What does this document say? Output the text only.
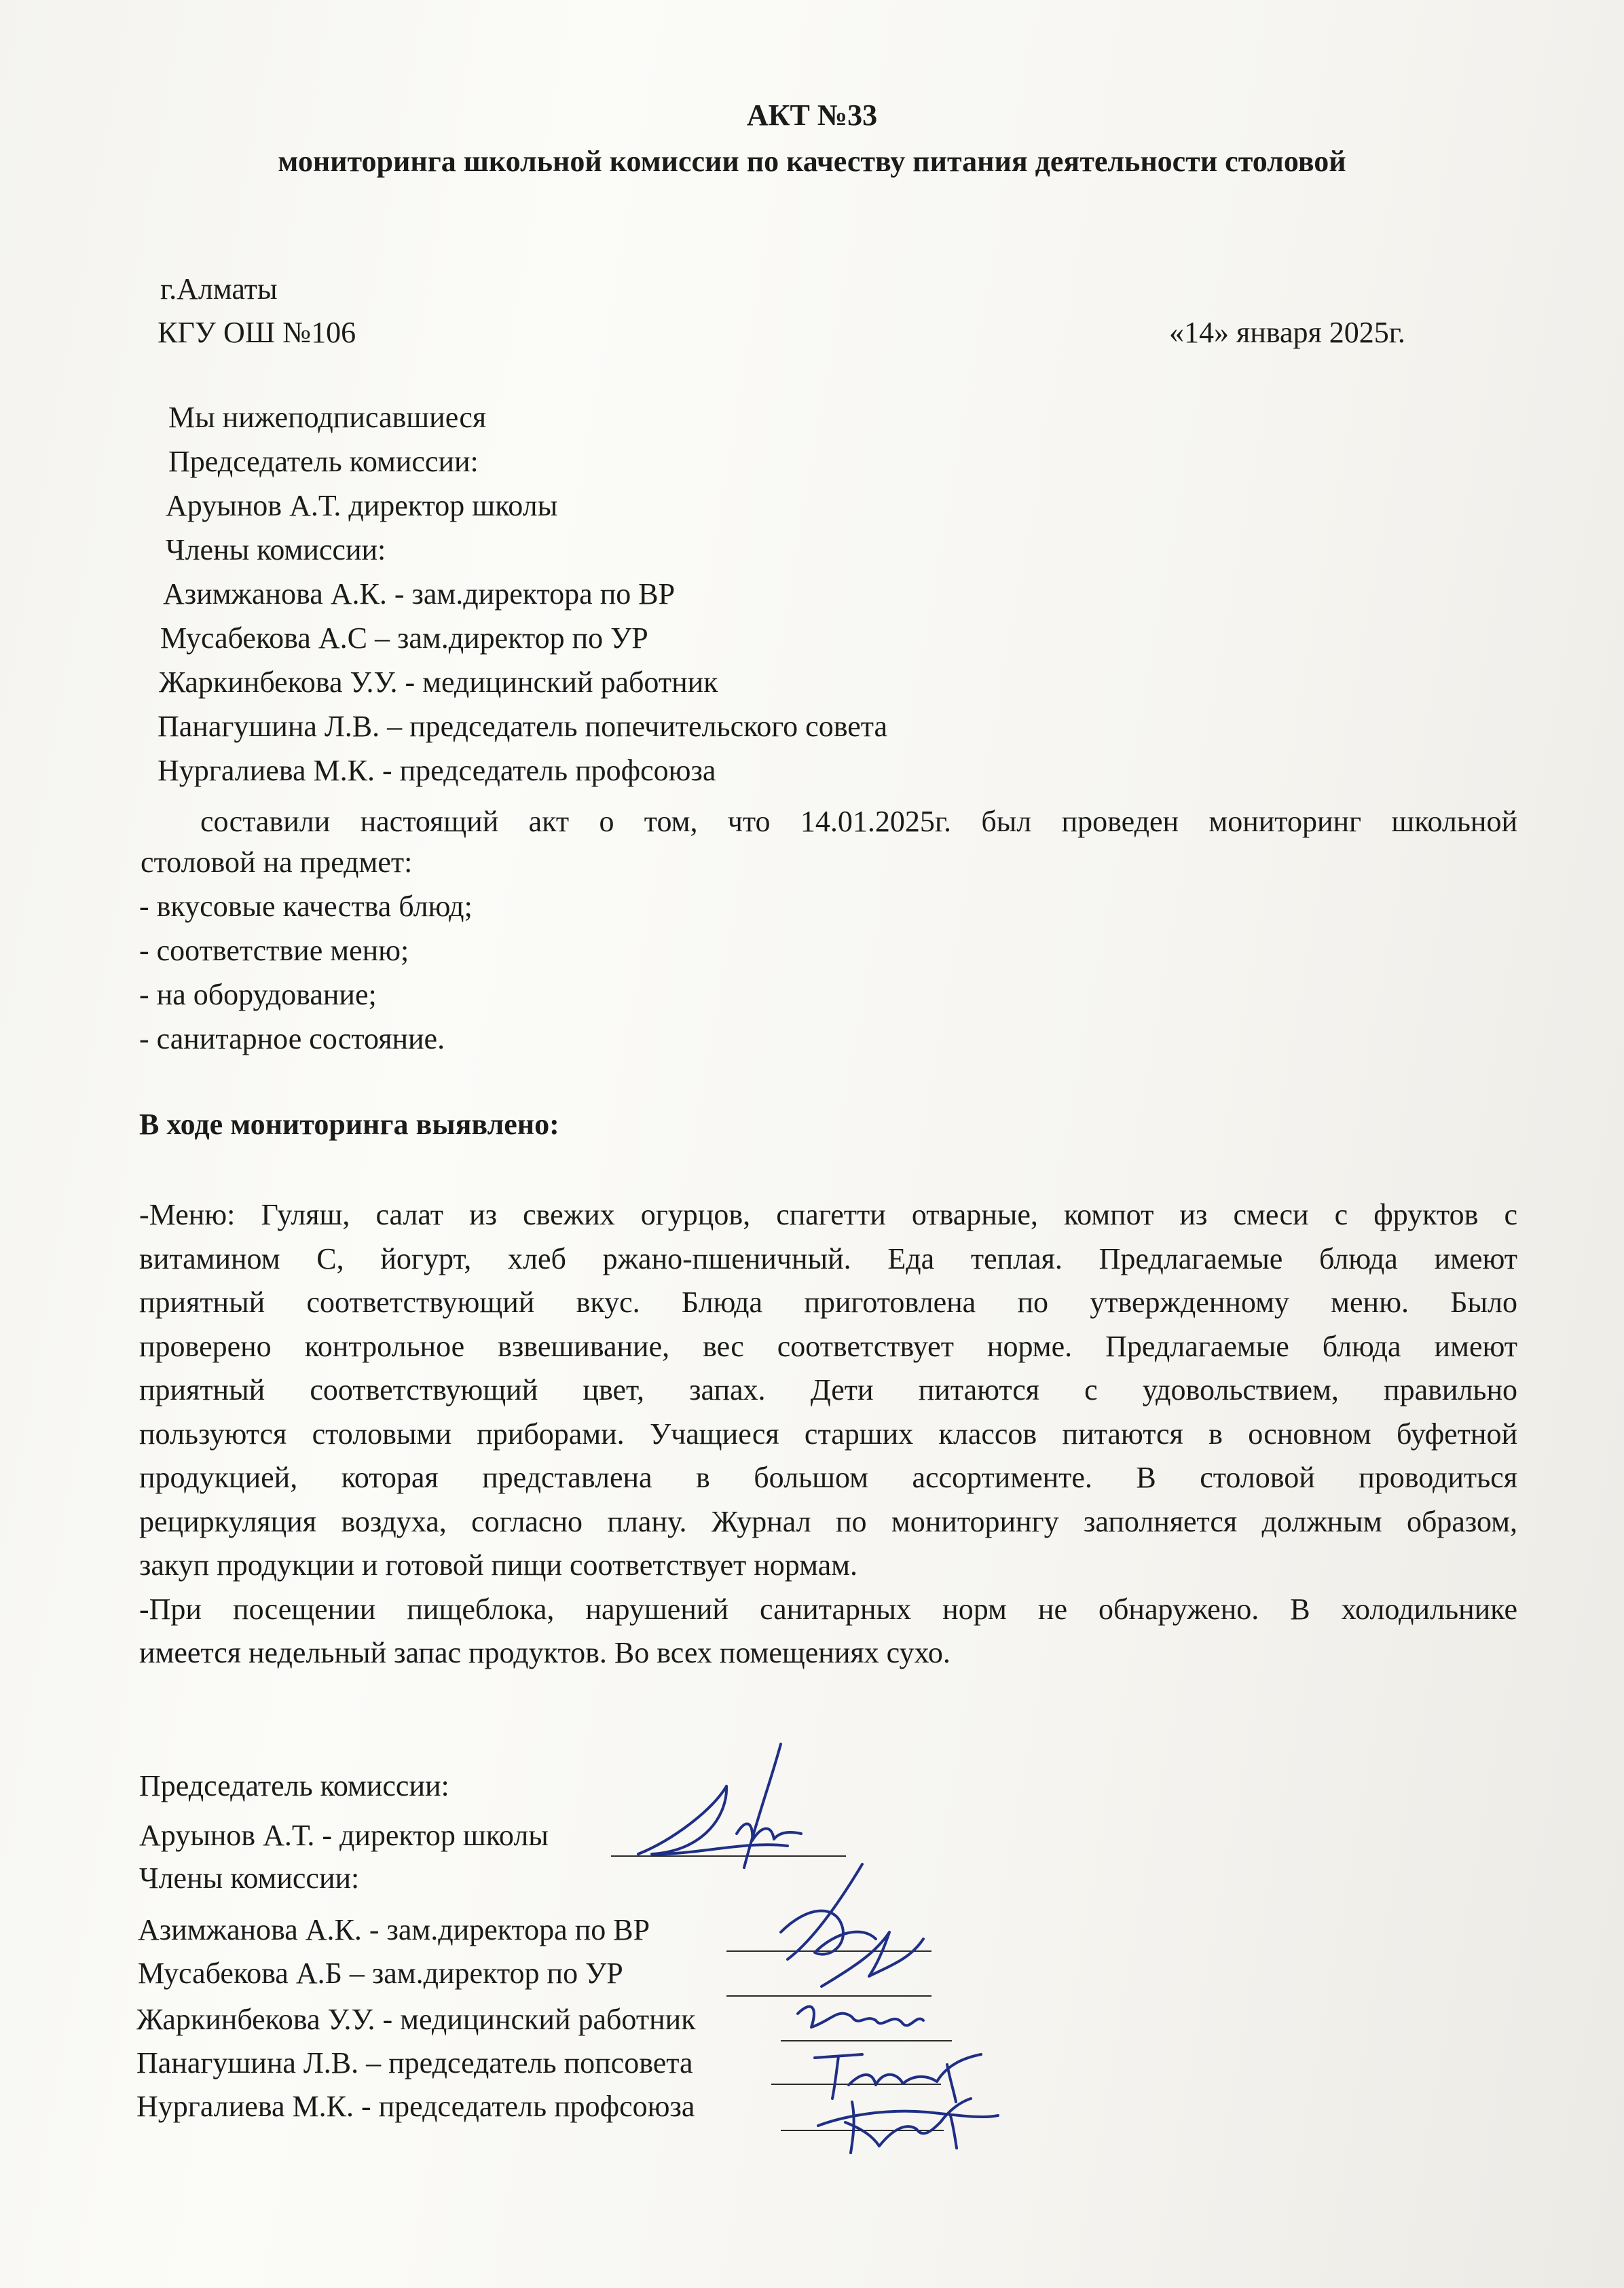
АКТ №33
мониторинга школьной комиссии по качеству питания деятельности столовой
г.Алматы
КГУ ОШ №106	«14» января 2025г.
Мы нижеподписавшиеся
Председатель комиссии:
Аруынов А.Т. директор школы
Члены комиссии:
Азимжанова А.К. - зам.директора по ВР
Мусабекова А.С – зам.директор по УР
Жаркинбекова У.У. - медицинский работник
Панагушина Л.В. – председатель попечительского совета
Нургалиева М.К. - председатель профсоюза
составили настоящий акт о том, что 14.01.2025г. был проведен мониторинг школьной
столовой на предмет:
- вкусовые качества блюд;
- соответствие меню;
- на оборудование;
- санитарное состояние.
В ходе мониторинга выявлено:
-Меню: Гуляш, салат из свежих огурцов, спагетти отварные, компот из смеси с фруктов с
витамином С, йогурт, хлеб ржано-пшеничный. Еда теплая. Предлагаемые блюда имеют
приятный соответствующий вкус. Блюда приготовлена по утвержденному меню. Было
проверено контрольное взвешивание, вес соответствует норме. Предлагаемые блюда имеют
приятный соответствующий цвет, запах. Дети питаются с удовольствием, правильно
пользуются столовыми приборами. Учащиеся старших классов питаются в основном буфетной
продукцией, которая представлена в большом ассортименте. В столовой проводиться
рециркуляция воздуха, согласно плану. Журнал по мониторингу заполняется должным образом,
закуп продукции и готовой пищи соответствует нормам.
-При посещении пищеблока, нарушений санитарных норм не обнаружено. В холодильнике
имеется недельный запас продуктов. Во всех помещениях сухо.
Председатель комиссии:
Аруынов А.Т. - директор школы
Члены комиссии:
Азимжанова А.К. - зам.директора по ВР
Мусабекова А.Б – зам.директор по УР
Жаркинбекова У.У. - медицинский работник
Панагушина Л.В. – председатель попсовета
Нургалиева М.К. - председатель профсоюза
